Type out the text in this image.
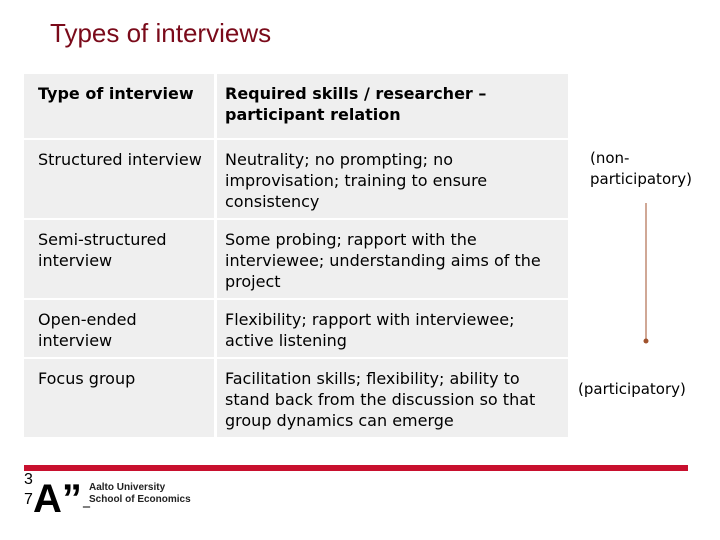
Types of interviews
Type of interview	Required skills / researcher – participant relation
Structured interview	Neutrality; no prompting; no improvisation; training to ensure consistency
Semi-structured interview	Some probing; rapport with the interviewee; understanding aims of the project
Open-ended interview	Flexibility; rapport with interviewee; active listening
Focus group	Facilitation skills; flexibility; ability to stand back from the discussion so that group dynamics can emerge
(non-participatory)
(participatory)
37 A” _
Aalto University
School of Economics
